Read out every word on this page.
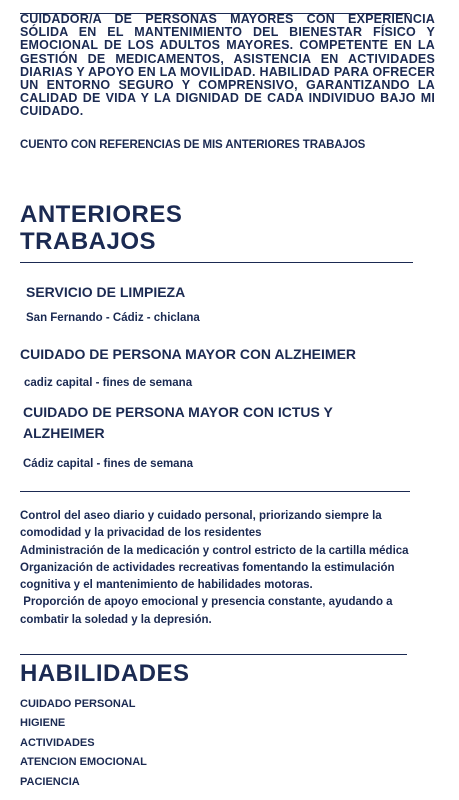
CUIDADOR/A DE PERSONAS MAYORES CON EXPERIENCIA SÓLIDA EN EL MANTENIMIENTO DEL BIENESTAR FÍSICO Y EMOCIONAL DE LOS ADULTOS MAYORES. COMPETENTE EN LA GESTIÓN DE MEDICAMENTOS, ASISTENCIA EN ACTIVIDADES DIARIAS Y APOYO EN LA MOVILIDAD. HABILIDAD PARA OFRECER UN ENTORNO SEGURO Y COMPRENSIVO, GARANTIZANDO LA CALIDAD DE VIDA Y LA DIGNIDAD DE CADA INDIVIDUO BAJO MI CUIDADO.
CUENTO CON REFERENCIAS DE MIS ANTERIORES TRABAJOS
ANTERIORES
TRABAJOS
SERVICIO DE LIMPIEZA
San Fernando - Cádiz - chiclana
CUIDADO DE PERSONA MAYOR CON ALZHEIMER
cadiz capital - fines de semana
CUIDADO DE PERSONA MAYOR CON ICTUS Y
ALZHEIMER
Cádiz capital - fines de semana
Control del aseo diario y cuidado personal, priorizando siempre la comodidad y la privacidad de los residentes
Administración de la medicación y control estricto de la cartilla médica
Organización de actividades recreativas fomentando la estimulación cognitiva y el mantenimiento de habilidades motoras.
Proporción de apoyo emocional y presencia constante, ayudando a combatir la soledad y la depresión.
HABILIDADES
CUIDADO PERSONAL
HIGIENE
ACTIVIDADES
ATENCION EMOCIONAL
PACIENCIA
